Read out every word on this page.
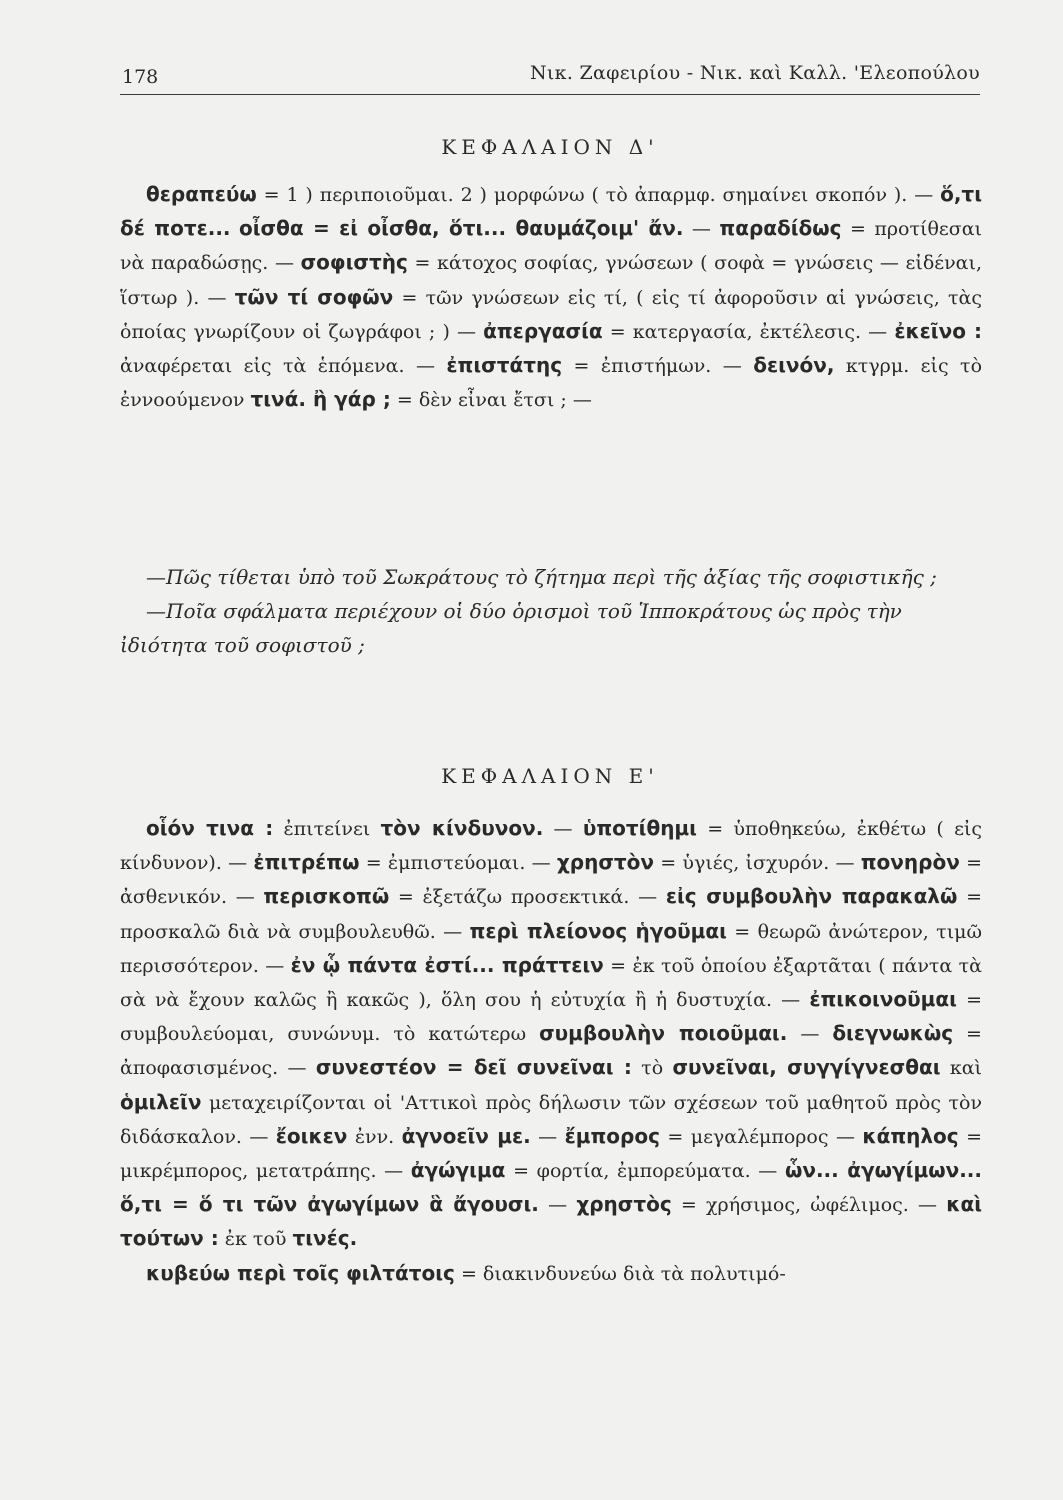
178	Νικ. Ζαφειρίου - Νικ. καὶ Καλλ. 'Ελεοπούλου
ΚΕΦΑΛΑΙΟΝ Δ'

θεραπεύω = 1 ) περιποιοῦμαι. 2 ) μορφώνω ( τὸ ἀπαρμφ. σημαίνει σκοπόν ). — ὅ,τι δέ ποτε... οἶσθα = εἰ οἶσθα, ὅτι... θαυμάζοιμ' ἄν. — παραδίδως = προτίθεσαι νὰ παραδώσῃς. — σοφιστὴς = κάτοχος σοφίας, γνώσεων ( σοφὰ = γνώσεις — εἰδέναι, ἵστωρ ). — τῶν τί σοφῶν = τῶν γνώσεων εἰς τί, ( εἰς τί ἀφοροῦσιν αἱ γνώσεις, τὰς ὁποίας γνωρίζουν οἱ ζωγράφοι ; ) — ἀπεργασία = κατεργασία, ἐκτέλεσις. — ἐκεῖνο : ἀναφέρεται εἰς τὰ ἑπόμενα. — ἐπιστάτης = ἐπιστήμων. — δεινόν, κτγρμ. εἰς τὸ ἐννοούμενον τινά. ἢ γάρ ; = δὲν εἶναι ἔτσι ; —

—Πῶς τίθεται ὑπὸ τοῦ Σωκράτους τὸ ζήτημα περὶ τῆς ἀξίας τῆς σοφιστικῆς ;

—Ποῖα σφάλματα περιέχουν οἱ δύο ὁρισμοὶ τοῦ Ἱπποκράτους ὡς πρὸς τὴν ἰδιότητα τοῦ σοφιστοῦ ;

ΚΕΦΑΛΑΙΟΝ Ε'

οἷόν τινα : ἐπιτείνει τὸν κίνδυνον. — ὑποτίθημι = ὑποθηκεύω, ἐκθέτω ( εἰς κίνδυνον). — ἐπιτρέπω = ἐμπιστεύομαι. — χρηστὸν = ὑγιές, ἰσχυρόν. — πονηρὸν = ἀσθενικόν. — περισκοπῶ = ἐξετάζω προσεκτικά. — εἰς συμβουλὴν παρακαλῶ = προσκαλῶ διὰ νὰ συμβουλευθῶ. — περὶ πλείονος ἡγοῦμαι = θεωρῶ ἀνώτερον, τιμῶ περισσότερον. — ἐν ᾧ πάντα ἐστί... πράττειν = ἐκ τοῦ ὁποίου ἐξαρτᾶται ( πάντα τὰ σὰ νὰ ἔχουν καλῶς ἢ κακῶς ), ὅλη σου ἡ εὐτυχία ἢ ἡ δυστυχία. — ἐπικοινοῦμαι = συμβουλεύομαι, συνώνυμ. τὸ κατώτερω συμβουλὴν ποιοῦμαι. — διεγνωκὼς = ἀποφασισμένος. — συνεστέον = δεῖ συνεῖναι : τὸ συνεῖναι, συγγίγνεσθαι καὶ ὁμιλεῖν μεταχειρίζονται οἱ 'Αττικοὶ πρὸς δήλωσιν τῶν σχέσεων τοῦ μαθητοῦ πρὸς τὸν διδάσκαλον. — ἔοικεν ἐνν. ἀγνοεῖν με. — ἔμπορος = μεγαλέμπορος — κάπηλος = μικρέμπορος, μετατράπης. — ἀγώγιμα = φορτία, ἐμπορεύματα. — ὧν... ἀγωγίμων... ὅ,τι = ὅ τι τῶν ἀγωγίμων ἃ ἄγουσι. — χρηστὸς = χρήσιμος, ὠφέλιμος. — καὶ τούτων : ἐκ τοῦ τινές.

κυβεύω περὶ τοῖς φιλτάτοις = διακινδυνεύω διὰ τὰ πολυτιμό-
